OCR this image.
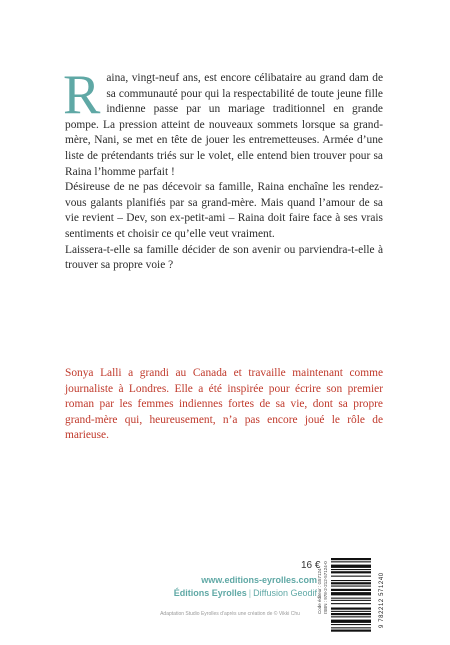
Raina, vingt-neuf ans, est encore célibataire au grand dam de sa communauté pour qui la respectabilité de toute jeune fille indienne passe par un mariage traditionnel en grande pompe. La pression atteint de nouveaux sommets lorsque sa grand-mère, Nani, se met en tête de jouer les entremetteuses. Armée d’une liste de prétendants triés sur le volet, elle entend bien trouver pour sa Raina l’homme parfait !

Désireuse de ne pas décevoir sa famille, Raina enchaîne les rendez-vous galants planifiés par sa grand-mère. Mais quand l’amour de sa vie revient – Dev, son ex-petit-ami – Raina doit faire face à ses vrais sentiments et choisir ce qu’elle veut vraiment.

Laissera-t-elle sa famille décider de son avenir ou parviendra-t-elle à trouver sa propre voie ?

Sonya Lalli a grandi au Canada et travaille maintenant comme journaliste à Londres. Elle a été inspirée pour écrire son premier roman par les femmes indiennes fortes de sa vie, dont sa propre grand-mère qui, heureusement, n’a pas encore joué le rôle de marieuse.

16 €
www.editions-eyrolles.com
Éditions Eyrolles | Diffusion Geodif
Adaptation Studio Eyrolles d’après une création de © Vikki Chu	Code éditeur : G57124 ISBN : 978-2-212-57124-0	9 782212 571240
